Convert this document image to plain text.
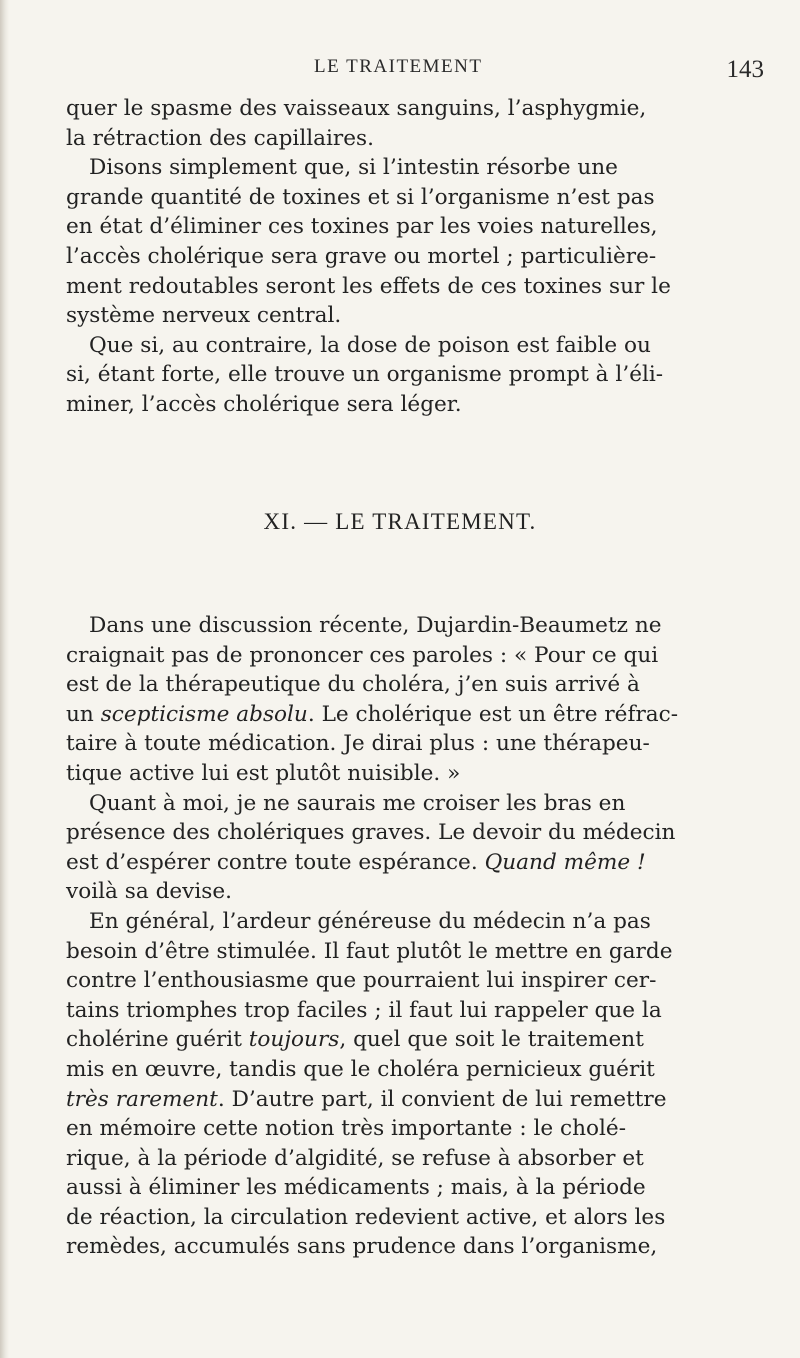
LE TRAITEMENT	143
quer le spasme des vaisseaux sanguins, l’asphygmie,
la rétraction des capillaires.
Disons simplement que, si l’intestin résorbe une
grande quantité de toxines et si l’organisme n’est pas
en état d’éliminer ces toxines par les voies naturelles,
l’accès cholérique sera grave ou mortel ; particulière-
ment redoutables seront les effets de ces toxines sur le
système nerveux central.
Que si, au contraire, la dose de poison est faible ou
si, étant forte, elle trouve un organisme prompt à l’éli-
miner, l’accès cholérique sera léger.
XI. — LE TRAITEMENT.
Dans une discussion récente, Dujardin-Beaumetz ne
craignait pas de prononcer ces paroles : « Pour ce qui
est de la thérapeutique du choléra, j’en suis arrivé à
un scepticisme absolu. Le cholérique est un être réfrac-
taire à toute médication. Je dirai plus : une thérapeu-
tique active lui est plutôt nuisible. »
Quant à moi, je ne saurais me croiser les bras en
présence des cholériques graves. Le devoir du médecin
est d’espérer contre toute espérance. Quand même !
voilà sa devise.
En général, l’ardeur généreuse du médecin n’a pas
besoin d’être stimulée. Il faut plutôt le mettre en garde
contre l’enthousiasme que pourraient lui inspirer cer-
tains triomphes trop faciles ; il faut lui rappeler que la
cholérine guérit toujours, quel que soit le traitement
mis en œuvre, tandis que le choléra pernicieux guérit
très rarement. D’autre part, il convient de lui remettre
en mémoire cette notion très importante : le cholé-
rique, à la période d’algidité, se refuse à absorber et
aussi à éliminer les médicaments ; mais, à la période
de réaction, la circulation redevient active, et alors les
remèdes, accumulés sans prudence dans l’organisme,
